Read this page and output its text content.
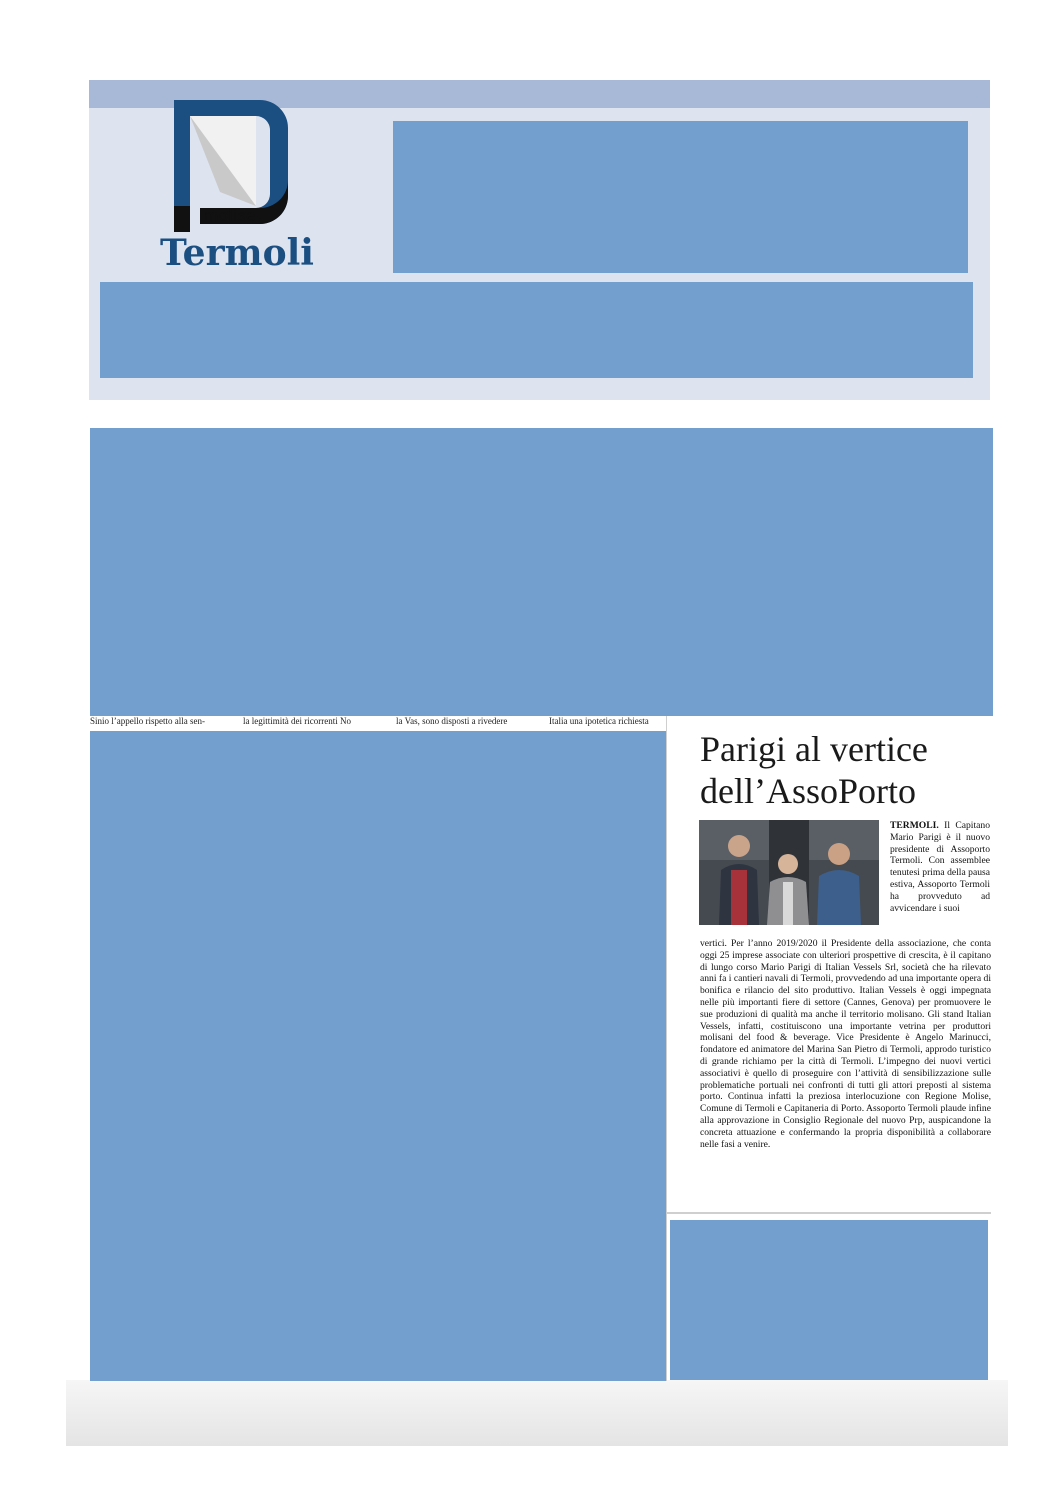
molise
Termoli
Sinio l’appello rispetto alla sen-	la legittimità dei ricorrenti No	la Vas, sono disposti a rivedere	Italia una ipotetica richiesta
Parigi al vertice dell’AssoPorto
TERMOLI. Il Capitano Mario Parigi è il nuovo presidente di Assoporto Termoli. Con assemblee tenutesi prima della pausa estiva, Assoporto Termoli ha provveduto ad avvicendare i suoi
vertici. Per l’anno 2019/2020 il Presidente della associazione, che conta oggi 25 imprese associate con ulteriori prospettive di crescita, è il capitano di lungo corso Mario Parigi di Italian Vessels Srl, società che ha rilevato anni fa i cantieri navali di Termoli, provvedendo ad una importante opera di bonifica e rilancio del sito produttivo. Italian Vessels è oggi impegnata nelle più importanti fiere di settore (Cannes, Genova) per promuovere le sue produzioni di qualità ma anche il territorio molisano. Gli stand Italian Vessels, infatti, costituiscono una importante vetrina per produttori molisani del food & beverage. Vice Presidente è Angelo Marinucci, fondatore ed animatore del Marina San Pietro di Termoli, approdo turistico di grande richiamo per la città di Termoli. L’impegno dei nuovi vertici associativi è quello di proseguire con l’attività di sensibilizzazione sulle problematiche portuali nei confronti di tutti gli attori preposti al sistema porto. Continua infatti la preziosa interlocuzione con Regione Molise, Comune di Termoli e Capitaneria di Porto. Assoporto Termoli plaude infine alla approvazione in Consiglio Regionale del nuovo Prp, auspicandone la concreta attuazione e confermando la propria disponibilità a collaborare nelle fasi a venire.
